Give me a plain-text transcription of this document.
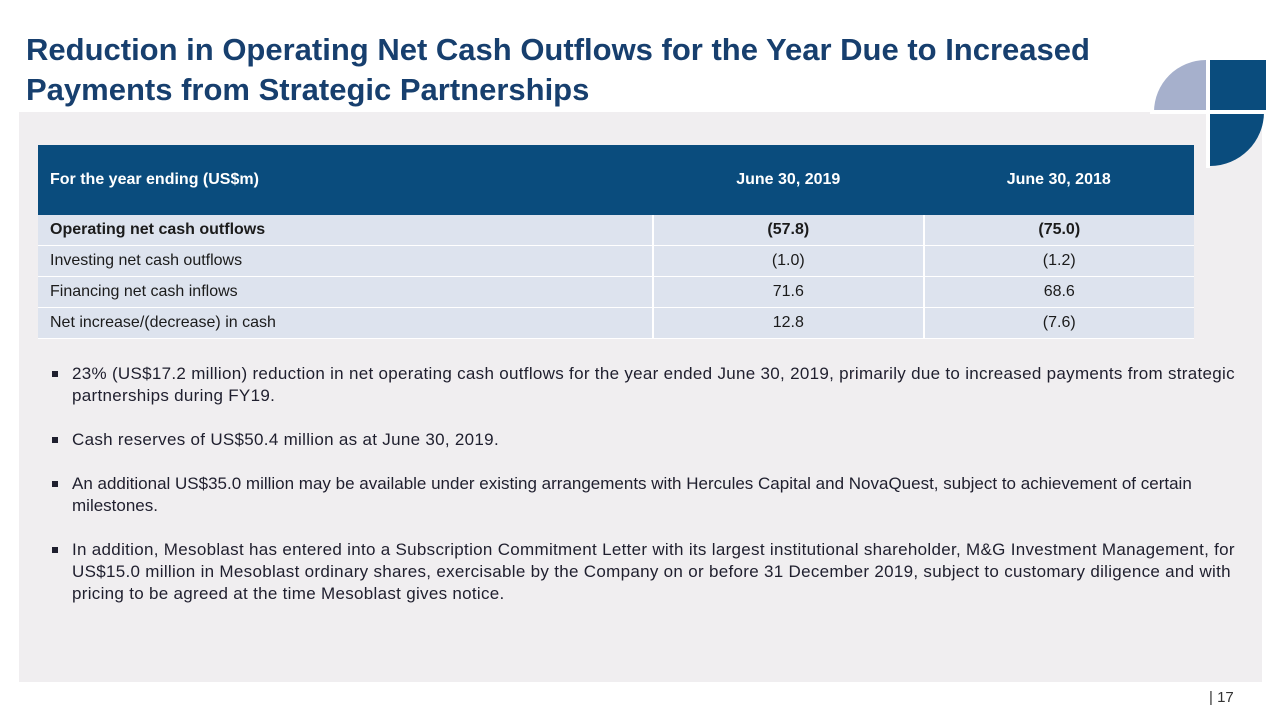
Reduction in Operating Net Cash Outflows for the Year Due to Increased Payments from Strategic Partnerships
For the year ending (US$m)	June 30, 2019	June 30, 2018
Operating net cash outflows	(57.8)	(75.0)
Investing net cash outflows	(1.0)	(1.2)
Financing net cash inflows	71.6	68.6
Net increase/(decrease) in cash	12.8	(7.6)
23% (US$17.2 million) reduction in net operating cash outflows for the year ended June 30, 2019, primarily due to increased payments from strategic partnerships during FY19.
Cash reserves of US$50.4 million as at June 30, 2019.
An additional US$35.0 million may be available under existing arrangements with Hercules Capital and NovaQuest, subject to achievement of certain milestones.
In addition, Mesoblast has entered into a Subscription Commitment Letter with its largest institutional shareholder, M&G Investment Management, for US$15.0 million in Mesoblast ordinary shares, exercisable by the Company on or before 31 December 2019, subject to customary diligence and with pricing to be agreed at the time Mesoblast gives notice.
| 17
